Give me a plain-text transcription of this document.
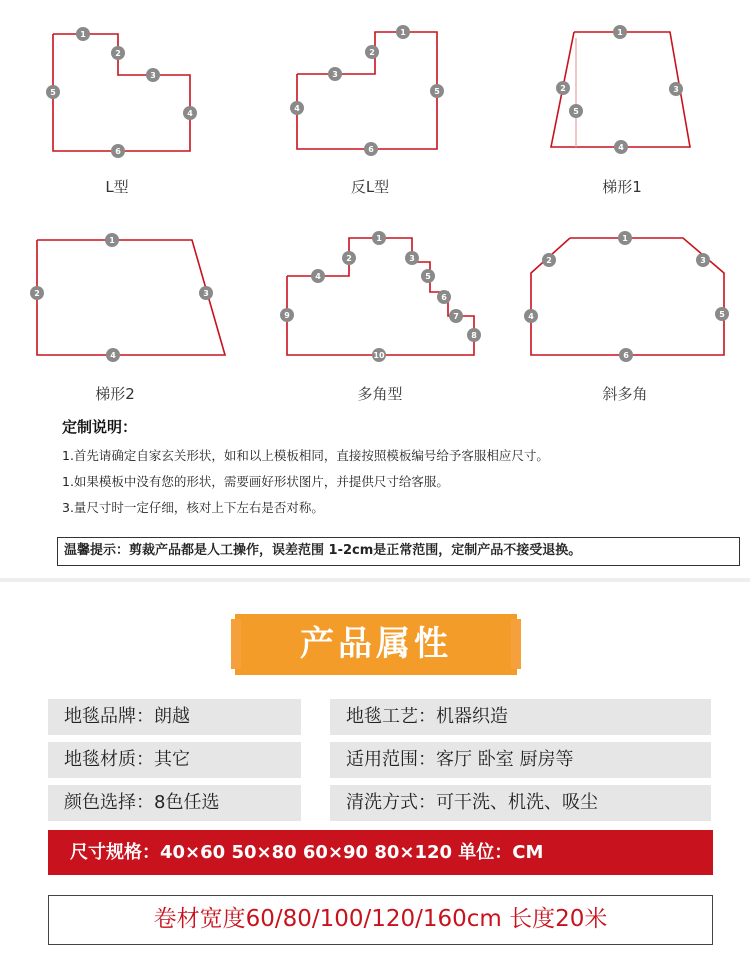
1
2
3
4
5
6
1
2
3
4
5
6
1
2	3
4
5
1
2	3
4
1
2	3
4	5
6
7
8
9
10
1
2	3
4	5
6
L型	反L型	梯形1
梯形2	多角型	斜多角
定制说明：
1.首先请确定自家玄关形状，如和以上模板相同，直接按照模板编号给予客服相应尺寸。
1.如果模板中没有您的形状，需要画好形状图片，并提供尺寸给客服。
3.量尺寸时一定仔细，核对上下左右是否对称。
温馨提示：剪裁产品都是人工操作，误差范围 1-2cm是正常范围，定制产品不接受退换。
产品属性
地毯品牌：朗越	地毯工艺：机器织造
地毯材质：其它	适用范围：客厅 卧室 厨房等
颜色选择：8色任选	清洗方式：可干洗、机洗、吸尘
尺寸规格：40×60 50×80 60×90 80×120 单位：CM
卷材宽度60/80/100/120/160cm 长度20米
